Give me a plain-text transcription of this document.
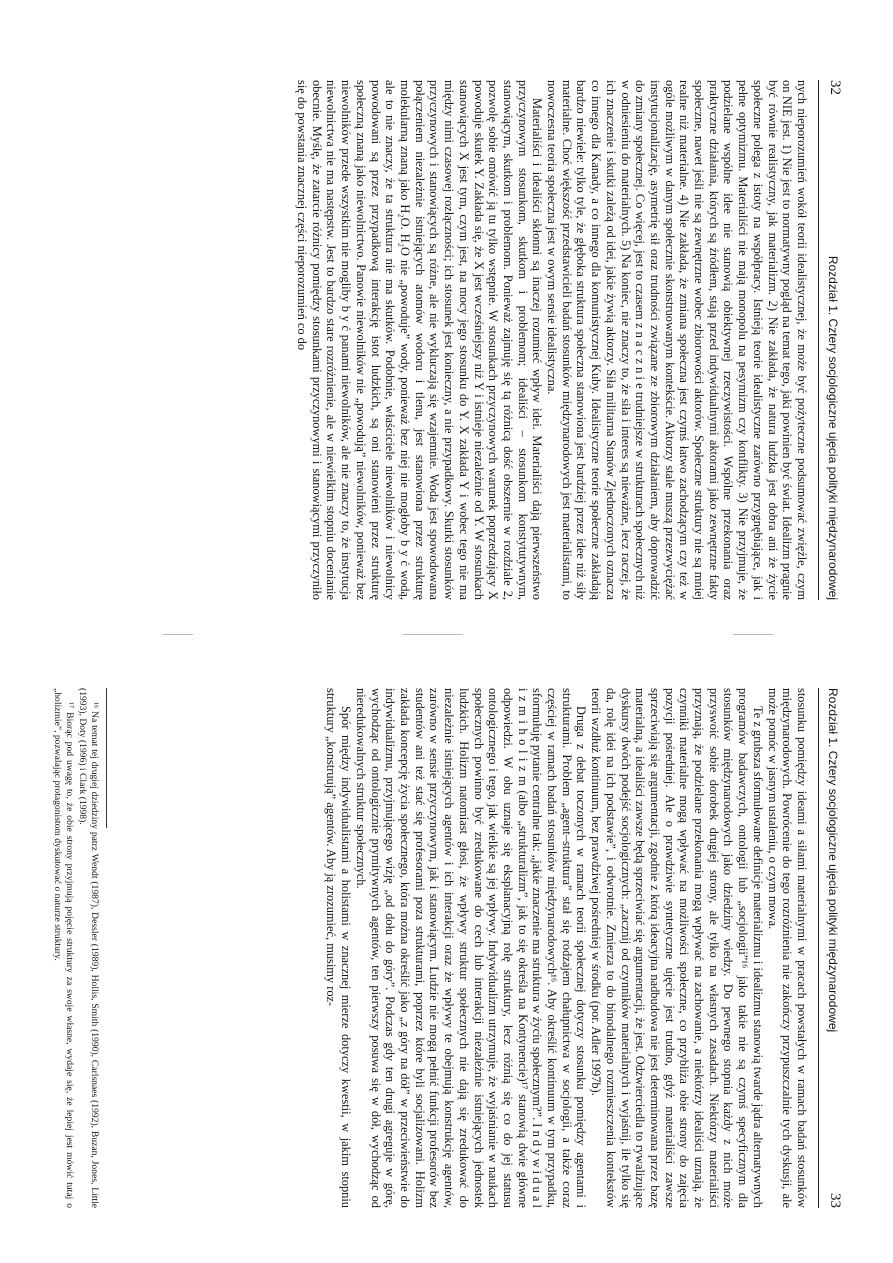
32
Rozdział 1. Cztery socjologiczne ujęcia polityki międzynarodowej

nych nieporozumień wokół teorii idealistycznej, że może być pożyteczne podsumować zwięźle, czym on NIE jest. 1) Nie jest to normatywny pogląd na temat tego, jaki powinien być świat. Idealizm pragnie być równie realistyczny, jak materializm. 2) Nie zakłada, że natura ludzka jest dobra ani że życie społeczne polega z istoty na współpracy. Istnieją teorie idealistyczne zarówno przygnębiające, jak i pełne optymizmu. Materialiści nie mają monopolu na pesymizm czy konflikty. 3) Nie przyjmuje, że podzielane wspólne idee nie stanowią obiektywnej rzeczywistości. Wspólne przekonania oraz praktyczne działania, których są źródłem, stają przed indywidualnymi aktorami jako zewnętrzne fakty społeczne, nawet jeśli nie są zewnętrzne wobec zbiorowości aktorów. Społeczne struktury nie są mniej realne niż materialne. 4) Nie zakłada, że zmiana społeczna jest czymś łatwo zachodzącym czy też w ogóle możliwym w danym społecznie skonstruowanym kontekście. Aktorzy stale muszą przezwyciężać instytucjonalizację, asymetrię sił oraz trudności związane ze zbiorowym działaniem, aby doprowadzić do zmiany społecznej. Co więcej, jest to czasem z n a c z n i e trudniejsze w strukturach społecznych niż w odniesieniu do materialnych. 5) Na koniec, nie znaczy to, że siła i interes są nieważne, lecz raczej, że ich znaczenie i skutki zależą od idei, jakie żywią aktorzy. Siła militarna Stanów Zjednoczonych oznacza co innego dla Kanady, a co innego dla komunistycznej Kuby. Idealistyczne teorie społeczne zakładają bardzo niewiele: tylko tyle, że głęboka struktura społeczna stanowiona jest bardziej przez idee niż siły materialne. Choć większość przedstawicieli badań stosunków międzynarodowych jest materialistami, to nowoczesna teoria społeczna jest w owym sensie idealistyczna.

Materialiści i idealiści skłonni są inaczej rozumieć wpływ idei. Materialiści dają pierwszeństwo przyczynowym stosunkom, skutkom i problemom; idealiści – stosunkom konstytutywnym, stanowiącym, skutkom i problemom. Ponieważ zajmuję się tą różnicą dość obszernie w rozdziale 2, pozwolę sobie omówić ją tu tylko wstępnie. W stosunkach przyczynowych warunek poprzedzający X powoduje skutek Y. Zakłada się, że X jest wcześniejszy niż Y i istnieje niezależnie od Y. W stosunkach stanowiących X jest tym, czym jest, na mocy jego stosunku do Y. X zakłada Y i wobec tego nie ma między nimi czasowej rozłączności; ich stosunek jest konieczny, a nie przypadkowy. Skutki stosunków przyczynowych i stanowiących są różne, ale nie wykluczają się wzajemnie. Woda jest spowodowana połączeniem niezależnie istniejących atomów wodoru i tlenu, jest stanowiona przez strukturę molekularną znaną jako H₂O. H₂O nie „powoduje” wody, ponieważ bez niej nie mogłoby b y ć wodą, ale to nie znaczy, że ta struktura nie ma skutków. Podobnie, właściciele niewolników i niewolnicy powodowani są przez przypadkową interakcję istot ludzkich, są oni stanowieni przez strukturę społeczną znaną jako niewolnictwo. Panowie niewolników nie „powodują” niewolników, ponieważ bez niewolników przede wszystkim nie mogliby b y ć panami niewolników, ale nie znaczy to, że instytucja niewolnictwa nie ma następstw. Jest to bardzo stare rozróżnienie, ale w niewielkim stopniu docenianie obecnie. Myślę, że zatarcie różnicy pomiędzy stosunkami przyczynowymi i stanowiącymi przyczyniło się do powstania znacznej części nieporozumień co do

Rozdział 1. Cztery socjologiczne ujęcia polityki międzynarodowej
33

stosunku pomiędzy ideami a siłami materialnymi w pracach powstałych w ramach badań stosunków międzynarodowych. Powrócenie do tego rozróżnienia nie zakończy przypuszczalnie tych dyskusji, ale może pomóc w jasnym ustaleniu, o czym mowa.

Te z grubsza sformułowane definicje materializmu i idealizmu stanowią twarde jądra alternatywnych programów badawczych, ontologii lub „socjologii”¹⁶ jako takie nie są czymś specyficznym dla stosunków międzynarodowych jako dziedziny wiedzy. Do pewnego stopnia każdy z nich może przyswoić sobie dorobek drugiej strony, ale tylko na własnych zasadach. Niektórzy materialiści przyznają, że podzielane przekonania mogą wpływać na zachowanie, a niektórzy idealiści uznają, że czynniki materialne mogą wpływać na możliwości społeczne, co przybliża obie strony do zajęcia pozycji pośredniej. Ale o prawdziwie syntetyczne ujęcie jest trudno, gdyż materialiści zawsze sprzeciwiają się argumentacji, zgodnie z którą ideacyjna nadbudowa nie jest determinowana przez bazę materialną, a idealiści zawsze będą sprzeciwiać się argumentacji, że jest. Odzwierciedla to rywalizujące dyskursy dwóch podejść socjologicznych: „zacznij od czynników materialnych i wyjaśnij, ile tylko się da, rolę idei na ich podstawie”, i odwrotnie. Zmierza to do binodalnego rozmieszczenia kontekstów teorii wzdłuż kontinuum, bez prawdziwej pośredniej w środku (por. Adler 1997b).

Druga z debat toczonych w ramach teorii społecznej dotyczy stosunku pomiędzy agentami i strukturami. Problem „agent–struktura” stał się rodzajem chałupnictwa w socjologii, a także coraz częściej w ramach badań stosunków międzynarodowych¹⁶. Aby określić kontinuum w tym przypadku, sformułuję pytanie centralne tak: „jakie znaczenie ma struktura w życiu społecznym?”. I n d y w i d u a l i z m i h o l i z m (albo „strukturalizm”, jak to się określa na Kontynencie)¹⁷ stanowią dwie główne odpowiedzi. W obu uznaje się eksplanacyjną rolę struktury, lecz różnią się co do jej statusu ontologicznego i tego, jak wielkie są jej wpływy. Indywidualizm utrzymuje, że wyjaśnianie w naukach społecznych powinno być zredukowane do cech lub interakcji niezależnie istniejących jednostek ludzkich. Holizm natomiast głosi, że wpływy struktur społecznych nie dają się zredukować do niezależnie istniejących agentów i ich interakcji oraz że wpływy te obejmują konstrukcję agentów, zarówno w sensie przyczynowym, jak i stanowiącym. Ludzie nie mogą pełnić funkcji profesorów bez studentów ani też stać się profesorami poza strukturami, poprzez które byli socjalizowani. Holizm zakłada koncepcję życia społecznego, która można określić jako „z góry na dół” w przeciwieństwie do indywidualizmu, przyjmującego wizję „od dołu do góry”. Podczas gdy ten drugi agreguje w górę, wychodząc od ontologicznie prymitywnych agentów, ten pierwszy posuwa się w dół, wychodząc od nieredukowalnych struktur społecznych.

Spór między indywidualistami a holistami w znacznej mierze dotyczy kwestii, w jakim stopniu struktury „konstruują” agentów. Aby ją zrozumieć, musimy roz-

¹⁶ Na temat tej drugiej dziedziny patrz Wendt (1987), Dessler (1989), Hollis, Smith (1990), Carlsnaes (1992), Buzan, Jones, Little (1993), Doty (1996) i Clark (1998).

¹⁷ Biorąc pod uwagę to, że obie strony przyjmują pojęcie struktury za swoje własne, wydaje się, że lepiej jest mówić tutaj o „holizmie”, pozwalając protagonistom dyskutować o naturze struktury.
